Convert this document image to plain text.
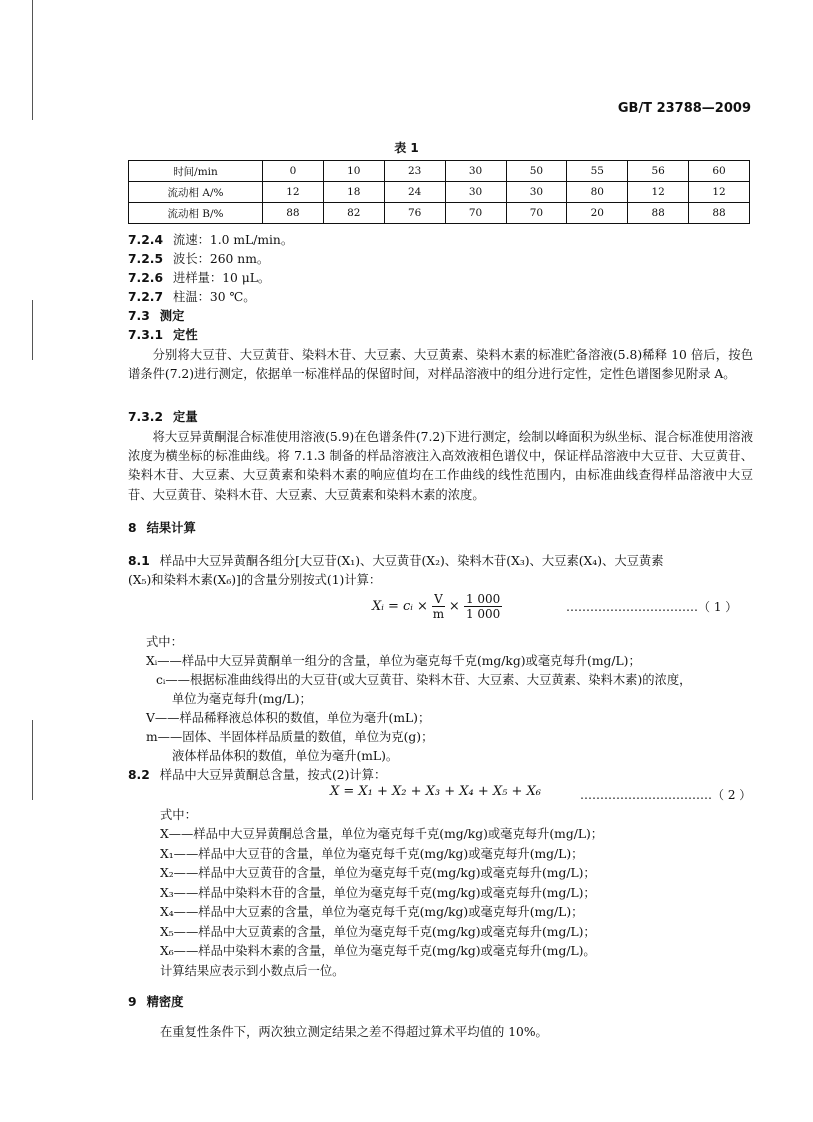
GB/T 23788—2009
表 1
时间/min	0	10	23	30	50	55	56	60
流动相 A/%	12	18	24	30	30	80	12	12
流动相 B/%	88	82	76	70	70	20	88	88
7.2.4 流速：1.0 mL/min。
7.2.5 波长：260 nm。
7.2.6 进样量：10 μL。
7.2.7 柱温：30 ℃。
7.3 测定
7.3.1 定性
分别将大豆苷、大豆黄苷、染料木苷、大豆素、大豆黄素、染料木素的标准贮备溶液(5.8)稀释 10 倍后，按色谱条件(7.2)进行测定，依据单一标准样品的保留时间，对样品溶液中的组分进行定性，定性色谱图参见附录 A。
7.3.2 定量
将大豆异黄酮混合标准使用溶液(5.9)在色谱条件(7.2)下进行测定，绘制以峰面积为纵坐标、混合标准使用溶液浓度为横坐标的标准曲线。将 7.1.3 制备的样品溶液注入高效液相色谱仪中，保证样品溶液中大豆苷、大豆黄苷、染料木苷、大豆素、大豆黄素和染料木素的响应值均在工作曲线的线性范围内，由标准曲线查得样品溶液中大豆苷、大豆黄苷、染料木苷、大豆素、大豆黄素和染料木素的浓度。
8 结果计算
8.1 样品中大豆异黄酮各组分[大豆苷(X₁)、大豆黄苷(X₂)、染料木苷(X₃)、大豆素(X₄)、大豆黄素
(X₅)和染料木素(X₆)]的含量分别按式(1)计算：
Xᵢ = cᵢ × $\frac{V}{m} \times \frac{1 000}{1 000}$	……………………………（ 1 ）
式中：
Xᵢ——样品中大豆异黄酮单一组分的含量，单位为毫克每千克(mg/kg)或毫克每升(mg/L)；
cᵢ——根据标准曲线得出的大豆苷(或大豆黄苷、染料木苷、大豆素、大豆黄素、染料木素)的浓度，
单位为毫克每升(mg/L)；
V——样品稀释液总体积的数值，单位为毫升(mL)；
m——固体、半固体样品质量的数值，单位为克(g)；
液体样品体积的数值，单位为毫升(mL)。
8.2 样品中大豆异黄酮总含量，按式(2)计算：
X = X₁ + X₂ + X₃ + X₄ + X₅ + X₆	……………………………（ 2 ）
式中：
X——样品中大豆异黄酮总含量，单位为毫克每千克(mg/kg)或毫克每升(mg/L)；
X₁——样品中大豆苷的含量，单位为毫克每千克(mg/kg)或毫克每升(mg/L)；
X₂——样品中大豆黄苷的含量，单位为毫克每千克(mg/kg)或毫克每升(mg/L)；
X₃——样品中染料木苷的含量，单位为毫克每千克(mg/kg)或毫克每升(mg/L)；
X₄——样品中大豆素的含量，单位为毫克每千克(mg/kg)或毫克每升(mg/L)；
X₅——样品中大豆黄素的含量，单位为毫克每千克(mg/kg)或毫克每升(mg/L)；
X₆——样品中染料木素的含量，单位为毫克每千克(mg/kg)或毫克每升(mg/L)。
计算结果应表示到小数点后一位。
9 精密度
在重复性条件下，两次独立测定结果之差不得超过算术平均值的 10%。
